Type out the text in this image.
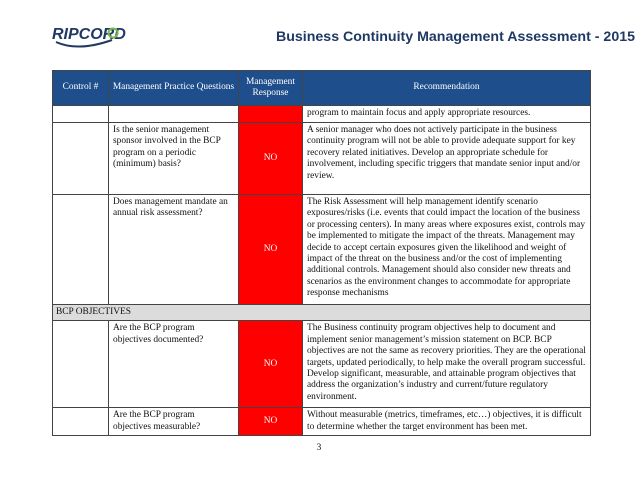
RIPCORD	Business Continuity Management Assessment - 2015
Control #	Management Practice Questions	Management Response	Recommendation
			program to maintain focus and apply appropriate resources.
	Is the senior management sponsor involved in the BCP program on a periodic (minimum) basis?	NO	A senior manager who does not actively participate in the business continuity program will not be able to provide adequate support for key recovery related initiatives. Develop an appropriate schedule for involvement, including specific triggers that mandate senior input and/or review.
	Does management mandate an annual risk assessment?	NO	The Risk Assessment will help management identify scenario exposures/risks (i.e. events that could impact the location of the business or processing centers). In many areas where exposures exist, controls may be implemented to mitigate the impact of the threats. Management may decide to accept certain exposures given the likelihood and weight of impact of the threat on the business and/or the cost of implementing additional controls. Management should also consider new threats and scenarios as the environment changes to accommodate for appropriate response mechanisms
BCP OBJECTIVES			
	Are the BCP program objectives documented?	NO	The Business continuity program objectives help to document and implement senior management’s mission statement on BCP. BCP objectives are not the same as recovery priorities. They are the operational targets, updated periodically, to help make the overall program successful. Develop significant, measurable, and attainable program objectives that address the organization’s industry and current/future regulatory environment.
	Are the BCP program objectives measurable?	NO	Without measurable (metrics, timeframes, etc…) objectives, it is difficult to determine whether the target environment has been met.
3
